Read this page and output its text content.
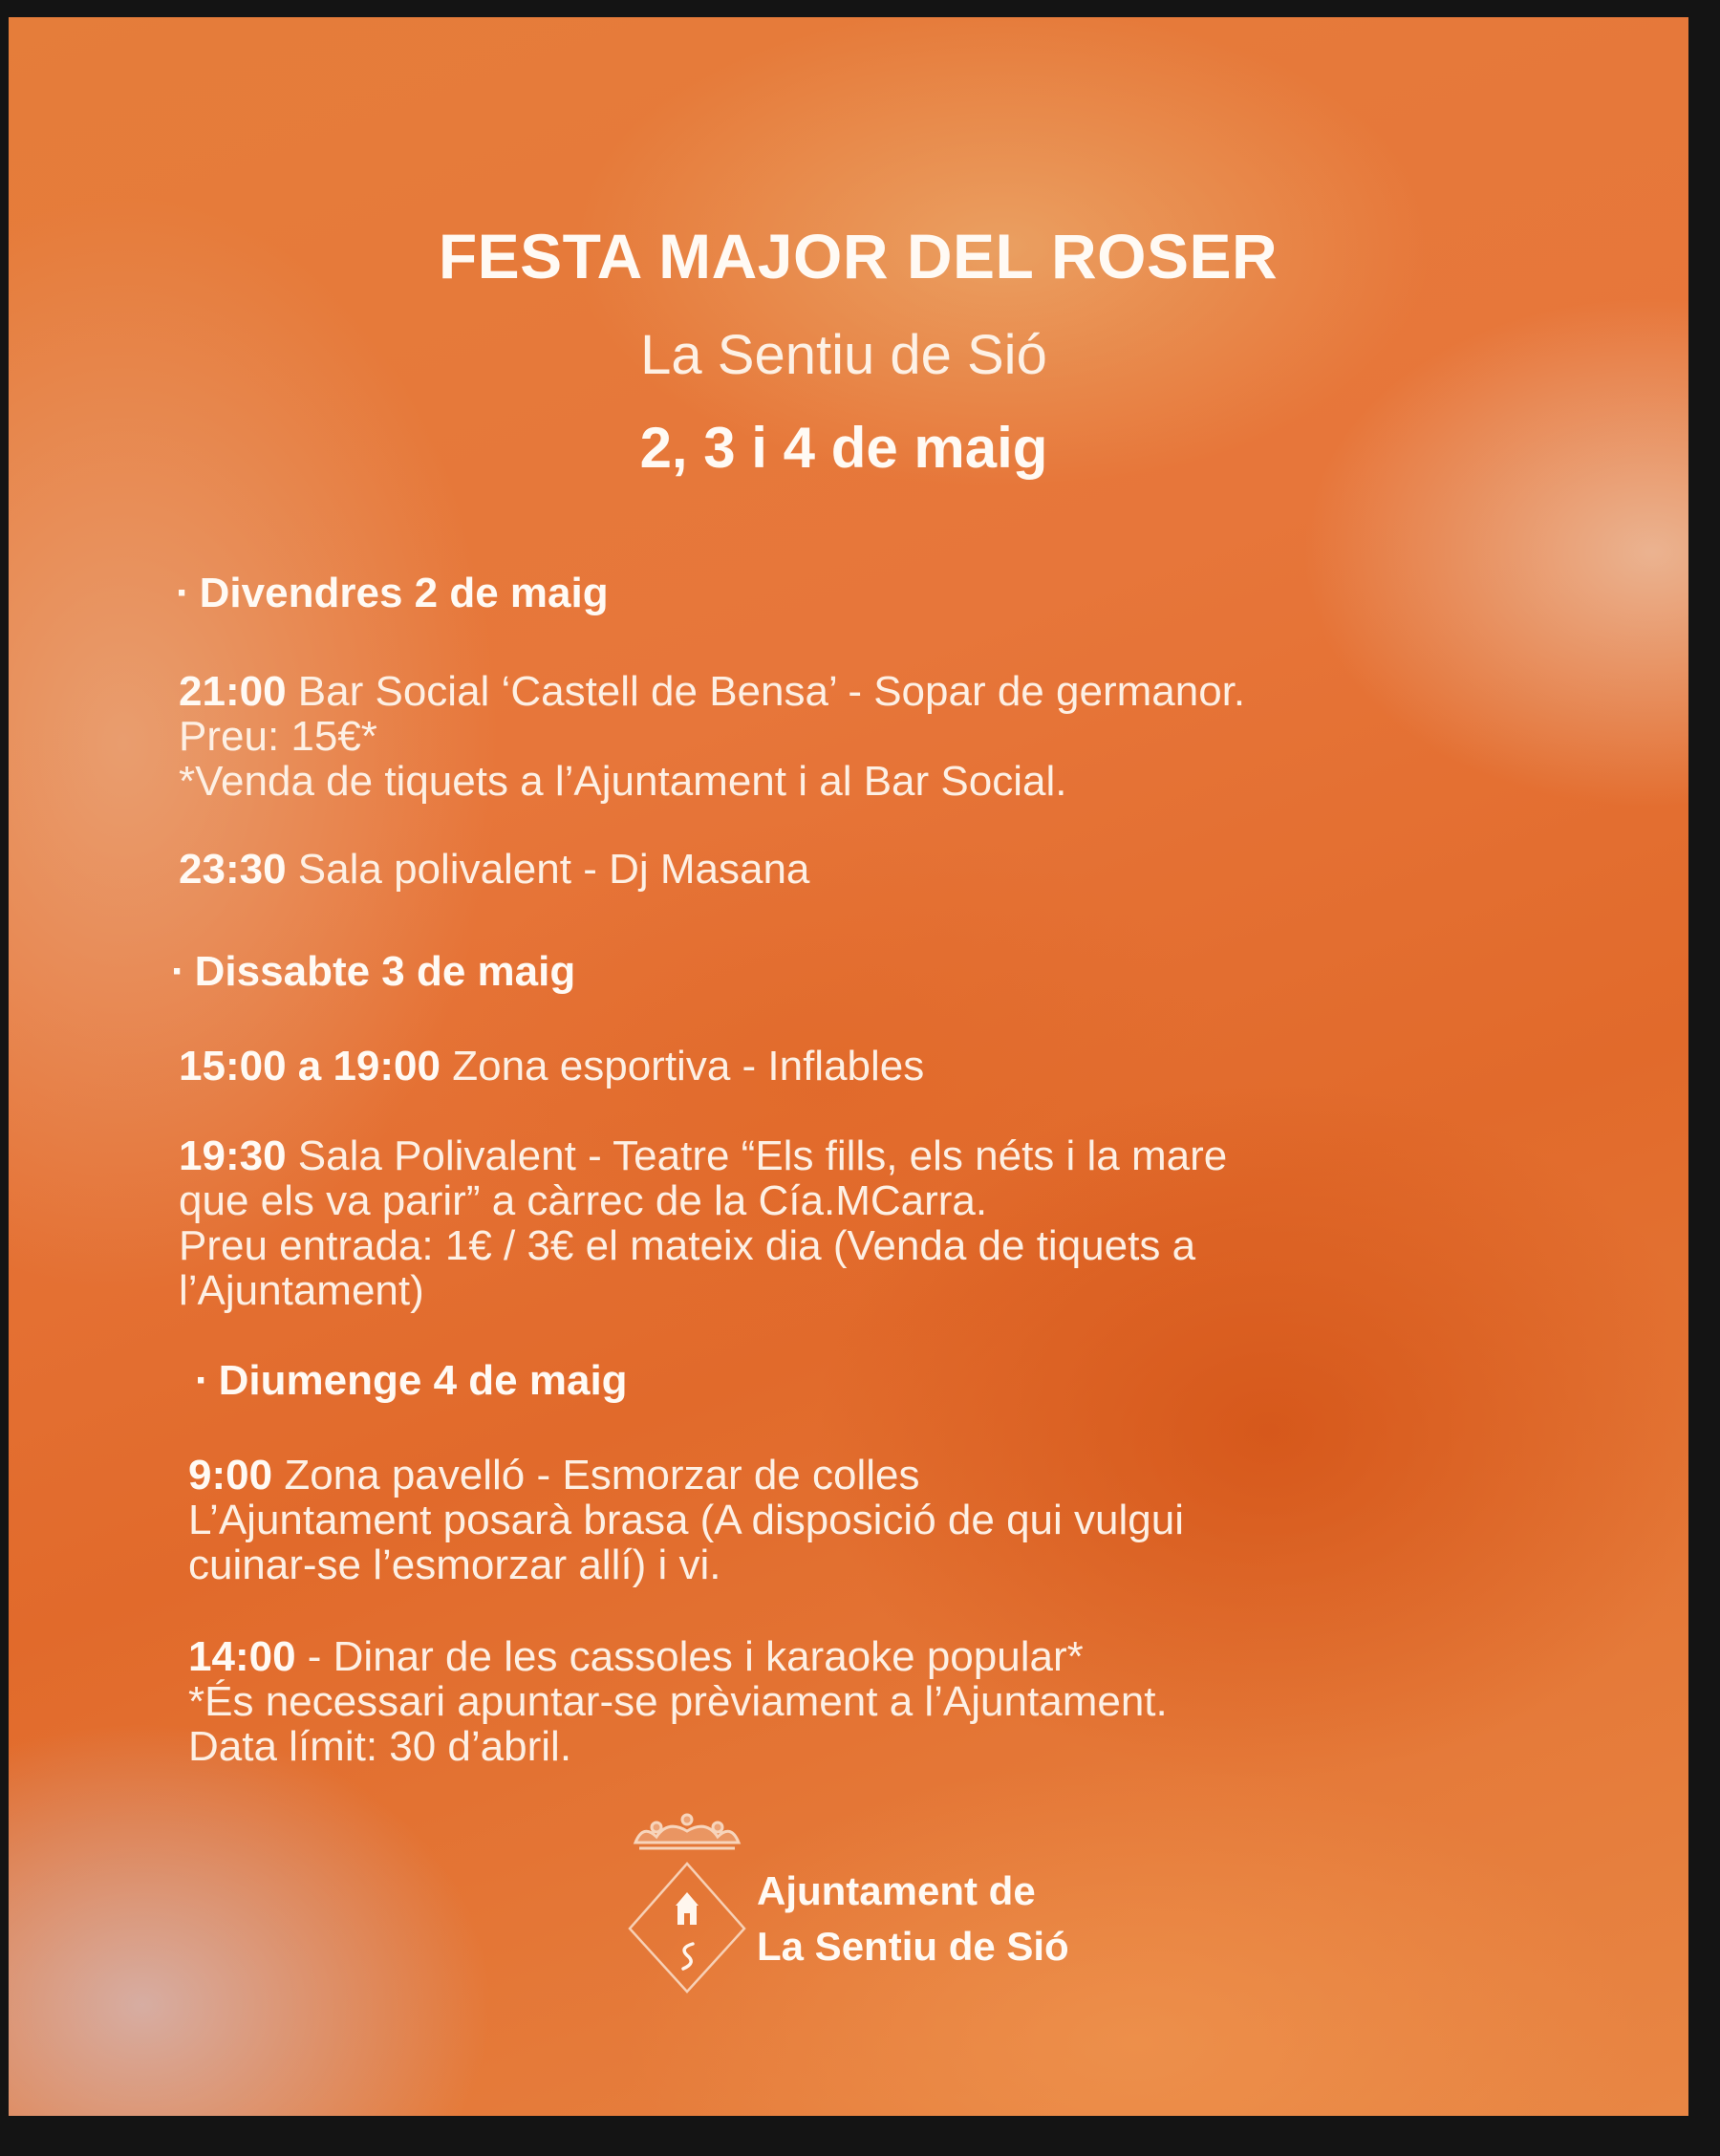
FESTA MAJOR DEL ROSER
La Sentiu de Sió
2, 3 i 4 de maig
· Divendres 2 de maig
21:00 Bar Social ‘Castell de Bensa’ - Sopar de germanor.
Preu: 15€*
*Venda de tiquets a l’Ajuntament i al Bar Social.
23:30 Sala polivalent - Dj Masana
· Dissabte 3 de maig
15:00 a 19:00 Zona esportiva - Inflables
19:30 Sala Polivalent - Teatre “Els fills, els néts i la mare
que els va parir” a càrrec de la Cía.MCarra.
Preu entrada: 1€ / 3€ el mateix dia (Venda de tiquets a
l’Ajuntament)
· Diumenge 4 de maig
9:00 Zona pavelló - Esmorzar de colles
L’Ajuntament posarà brasa (A disposició de qui vulgui
cuinar-se l’esmorzar allí) i vi.
14:00 - Dinar de les cassoles i karaoke popular*
*És necessari apuntar-se prèviament a l’Ajuntament.
Data límit: 30 d’abril.
Ajuntament de
La Sentiu de Sió
